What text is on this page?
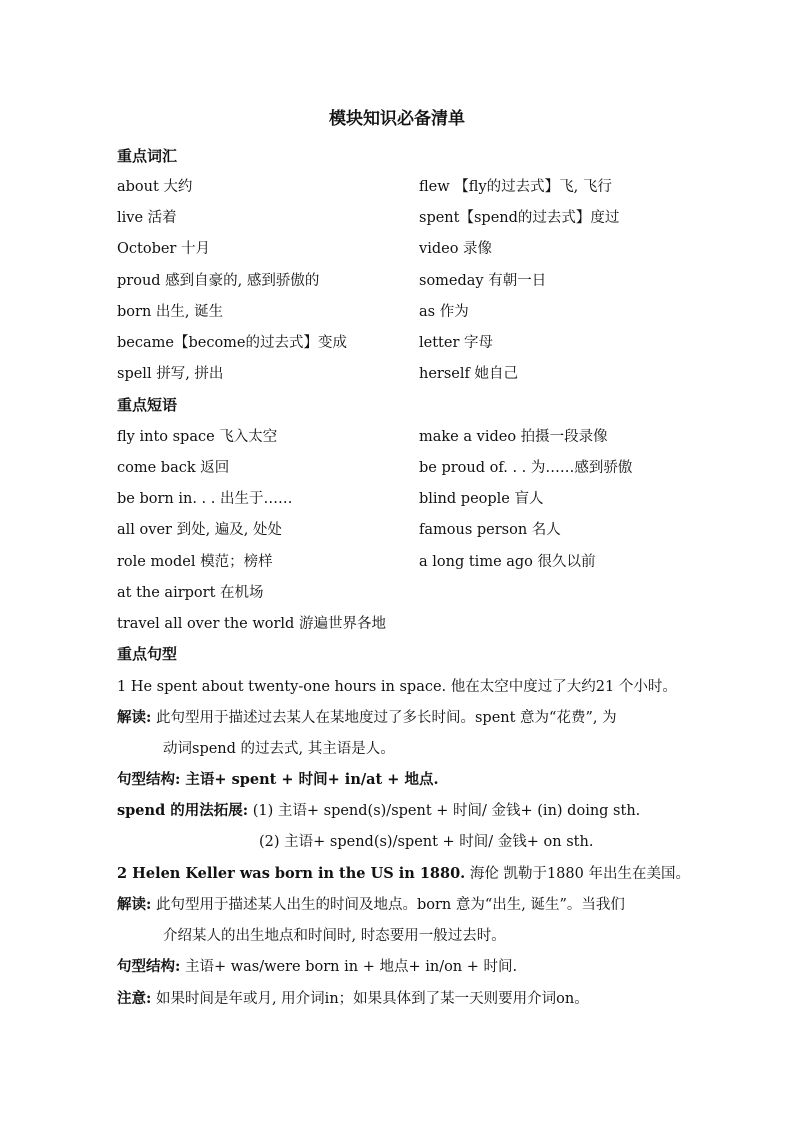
模块知识必备清单
重点词汇
about 大约	flew 【fly的过去式】飞, 飞行
live 活着	spent【spend的过去式】度过
October 十月	video 录像
proud 感到自豪的, 感到骄傲的	someday 有朝一日
born 出生, 诞生	as 作为
became【become的过去式】变成	letter 字母
spell 拼写, 拼出	herself 她自己
重点短语
fly into space 飞入太空	make a video 拍摄一段录像
come back 返回	be proud of. . . 为……感到骄傲
be born in. . . 出生于……	blind people 盲人
all over 到处, 遍及, 处处	famous person 名人
role model 模范；榜样	a long time ago 很久以前
at the airport 在机场
travel all over the world 游遍世界各地
重点句型
1 He spent about twenty-one hours in space. 他在太空中度过了大约21 个小时。
解读: 此句型用于描述过去某人在某地度过了多长时间。spent 意为“花费”, 为
动词spend 的过去式, 其主语是人。
句型结构: 主语+ spent + 时间+ in/at + 地点.
spend 的用法拓展: (1) 主语+ spend(s)/spent + 时间/ 金钱+ (in) doing sth.
(2) 主语+ spend(s)/spent + 时间/ 金钱+ on sth.
2 Helen Keller was born in the US in 1880. 海伦 凯勒于1880 年出生在美国。
解读: 此句型用于描述某人出生的时间及地点。born 意为“出生, 诞生”。当我们
介绍某人的出生地点和时间时, 时态要用一般过去时。
句型结构: 主语+ was/were born in + 地点+ in/on + 时间.
注意: 如果时间是年或月, 用介词in；如果具体到了某一天则要用介词on。
